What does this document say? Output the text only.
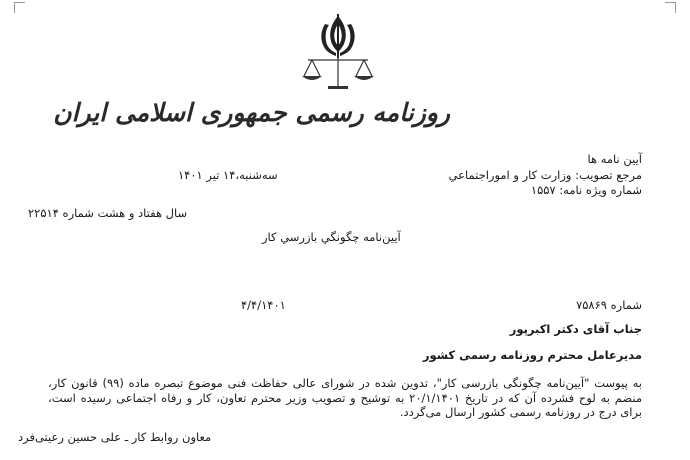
روزنامه رسمی جمهوری اسلامی ایران
آیین نامه ها
مرجع تصویب: وزارت کار و اموراجتماعي
شماره ویژه نامه: ۱۵۵۷
سه‌شنبه،۱۴ تیر ۱۴۰۱
سال هفتاد و هشت شماره ۲۲۵۱۴
آيين‌نامه چگونگي بازرسي كار
شماره ۷۵۸۶۹
۴/۴/۱۴۰۱
جناب آقای دکتر اکبرپور
مدیرعامل محترم روزنامه رسمی کشور
به پیوست "آیین‌نامه چگونگی بازرسی کار"، تدوین شده در شورای عالی حفاظت فنی موضوع تبصره ماده (۹۹) قانون کار، منضم به لوح فشرده آن که در تاریخ ۲۰/۱/۱۴۰۱ به توشیح و تصویب وزیر محترم تعاون، کار و رفاه اجتماعی رسیده است، برای درج در روزنامه رسمی کشور ارسال می‌گردد.
معاون روابط کار ـ علی حسین رعیتی‌فرد
